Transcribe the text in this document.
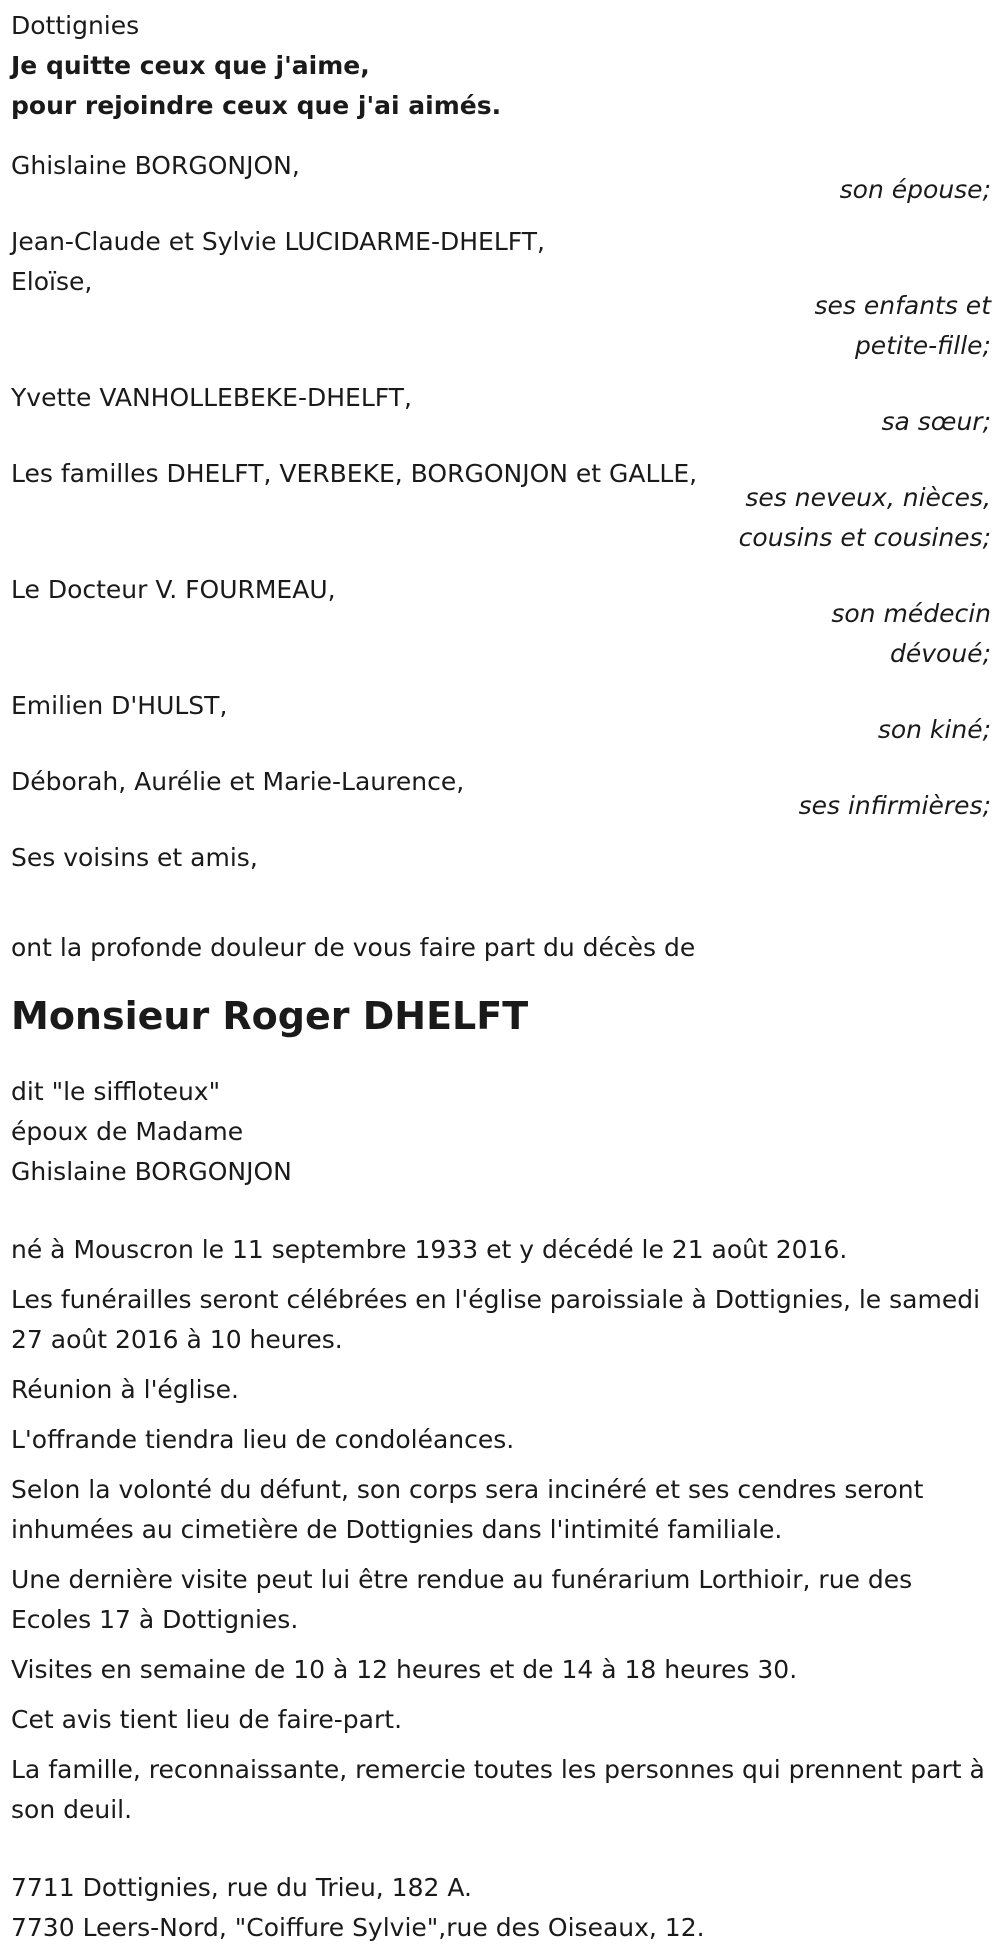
Dottignies
Je quitte ceux que j'aime,
pour rejoindre ceux que j'ai aimés.
Ghislaine BORGONJON,
son épouse;
Jean-Claude et Sylvie LUCIDARME-DHELFT,
Eloïse,
ses enfants et
petite-fille;
Yvette VANHOLLEBEKE-DHELFT,
sa sœur;
Les familles DHELFT, VERBEKE, BORGONJON et GALLE,
ses neveux, nièces,
cousins et cousines;
Le Docteur V. FOURMEAU,
son médecin
dévoué;
Emilien D'HULST,
son kiné;
Déborah, Aurélie et Marie-Laurence,
ses infirmières;
Ses voisins et amis,
ont la profonde douleur de vous faire part du décès de

Monsieur Roger DHELFT

dit "le siffloteux"
époux de Madame
Ghislaine BORGONJON

né à Mouscron le 11 septembre 1933 et y décédé le 21 août 2016.

Les funérailles seront célébrées en l'église paroissiale à Dottignies, le samedi 27 août 2016 à 10 heures.

Réunion à l'église.

L'offrande tiendra lieu de condoléances.

Selon la volonté du défunt, son corps sera incinéré et ses cendres seront inhumées au cimetière de Dottignies dans l'intimité familiale.

Une dernière visite peut lui être rendue au funérarium Lorthioir, rue des Ecoles 17 à Dottignies.

Visites en semaine de 10 à 12 heures et de 14 à 18 heures 30.

Cet avis tient lieu de faire-part.

La famille, reconnaissante, remercie toutes les personnes qui prennent part à son deuil.

7711 Dottignies, rue du Trieu, 182 A.
7730 Leers-Nord, "Coiffure Sylvie",rue des Oiseaux, 12.
